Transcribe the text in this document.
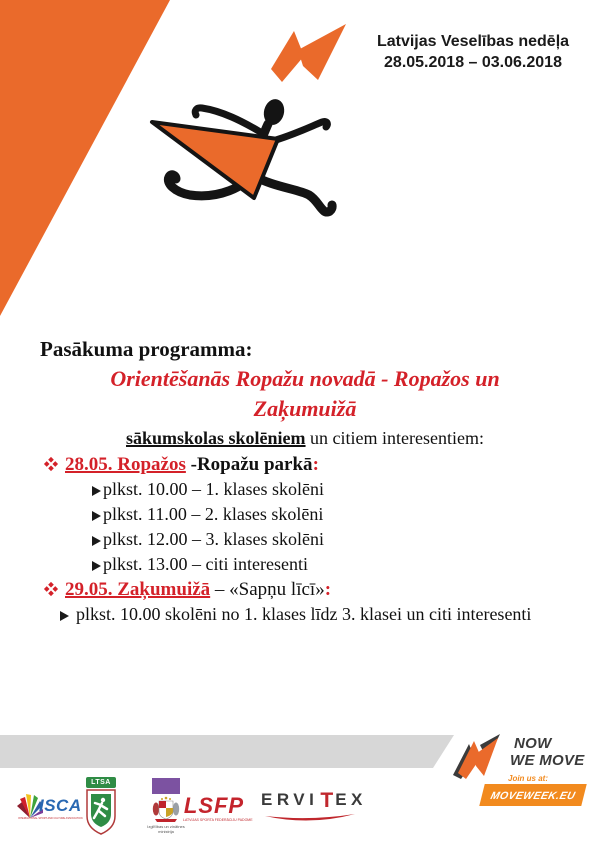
Latvijas Veselības nedēļa
28.05.2018 – 03.06.2018

Pasākuma programma:

Orientēšanās Ropažu novadā - Ropažos un
Zaķumuižā

sākumskolas skolēniem un citiem interesentiem:

28.05. Ropažos -Ropažu parkā:
plkst. 10.00 – 1. klases skolēni
plkst. 11.00 – 2. klases skolēni
plkst. 12.00 – 3. klases skolēni
plkst. 13.00 – citi interesenti
29.05. Zaķumuižā – «Sapņu līcī»:
plkst. 10.00 skolēni no 1. klases līdz 3. klasei un citi interesenti
NOW
WE MOVE
Join us at:
MOVEWEEK.EU
ISCA
INTERNATIONAL SPORT AND CULTURE ASSOCIATION
LTSA
Izglītības un zinātnes
ministrija
LSFP
LATVIJAS SPORTA FEDERĀCIJU PADOME
ERVIT EX
